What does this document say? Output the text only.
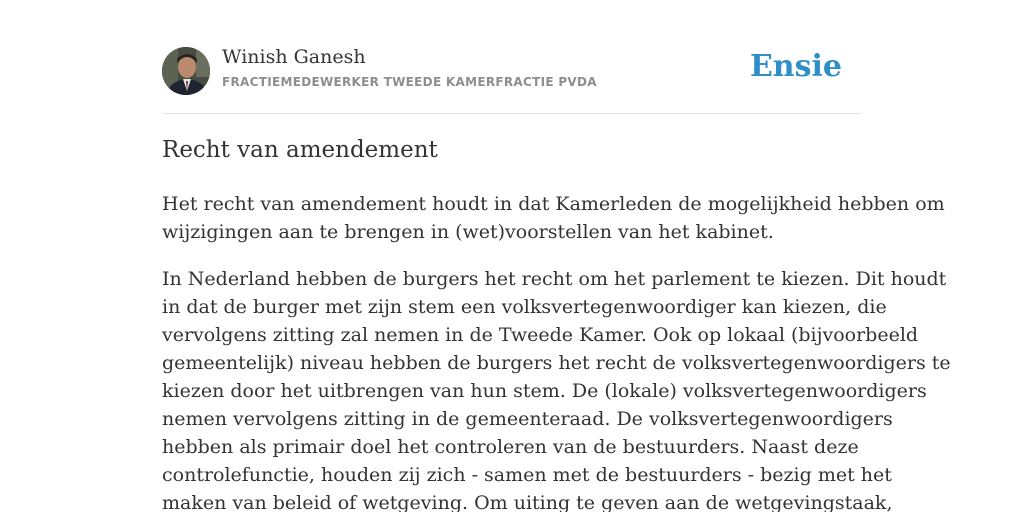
Winish Ganesh
FRACTIEMEDEWERKER TWEEDE KAMERFRACTIE PVDA	Ensie
Recht van amendement

Het recht van amendement houdt in dat Kamerleden de mogelijkheid hebben om
wijzigingen aan te brengen in (wet)voorstellen van het kabinet.

In Nederland hebben de burgers het recht om het parlement te kiezen. Dit houdt
in dat de burger met zijn stem een volksvertegenwoordiger kan kiezen, die
vervolgens zitting zal nemen in de Tweede Kamer. Ook op lokaal (bijvoorbeeld
gemeentelijk) niveau hebben de burgers het recht de volksvertegenwoordigers te
kiezen door het uitbrengen van hun stem. De (lokale) volksvertegenwoordigers
nemen vervolgens zitting in de gemeenteraad. De volksvertegenwoordigers
hebben als primair doel het controleren van de bestuurders. Naast deze
controlefunctie, houden zij zich - samen met de bestuurders - bezig met het
maken van beleid of wetgeving. Om uiting te geven aan de wetgevingstaak,
